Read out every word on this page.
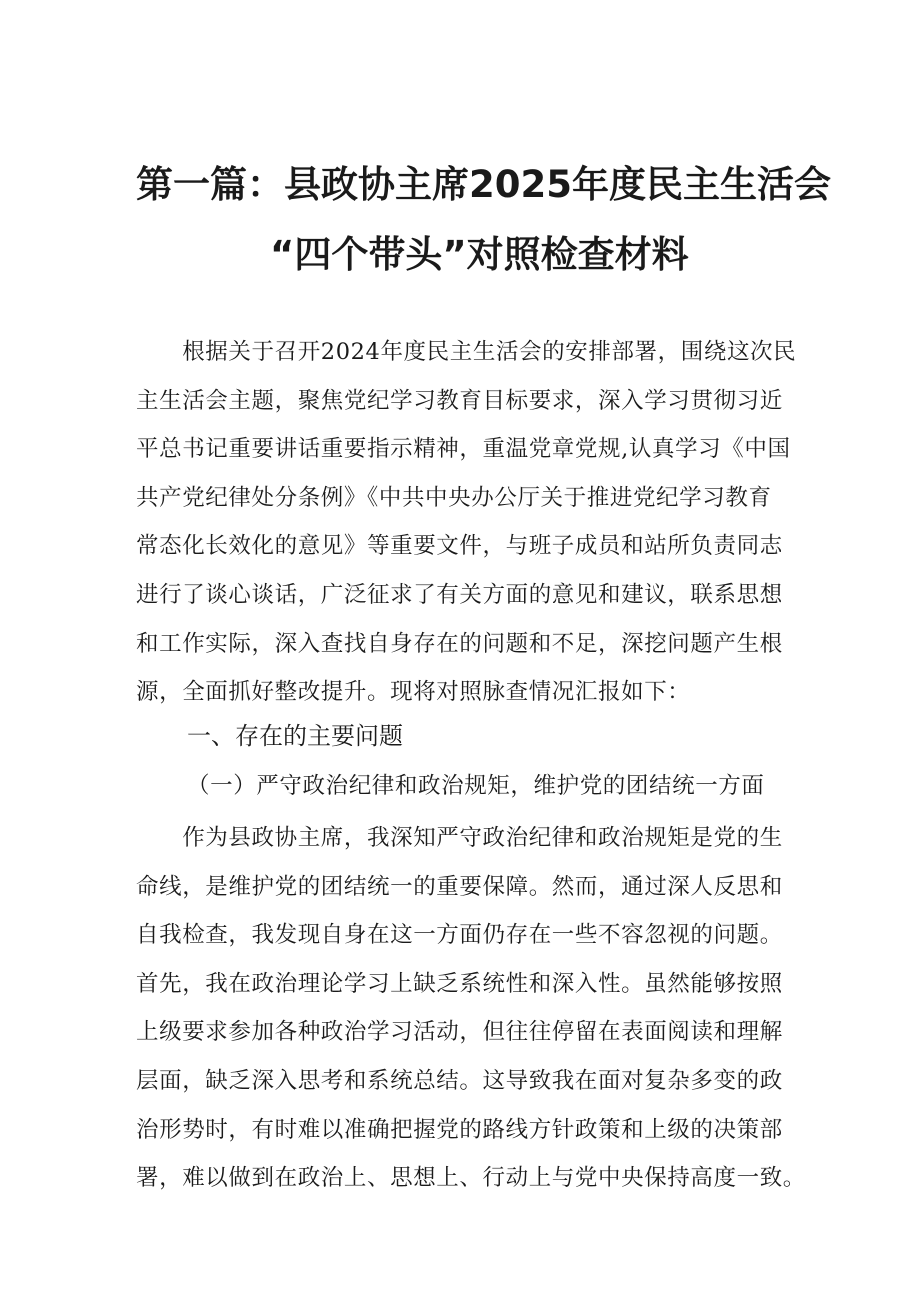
第一篇：县政协主席2025年度民主生活会
“四个带头”对照检查材料
　　根据关于召开2024年度民主生活会的安排部署，围绕这次民
主生活会主题，聚焦党纪学习教育目标要求，深入学习贯彻习近
平总书记重要讲话重要指示精神，重温党章党规,认真学习《中国
共产党纪律处分条例》《中共中央办公厅关于推进党纪学习教育
常态化长效化的意见》等重要文件，与班子成员和站所负责同志
进行了谈心谈话，广泛征求了有关方面的意见和建议，联系思想
和工作实际，深入查找自身存在的问题和不足，深挖问题产生根
源，全面抓好整改提升。现将对照脉查情况汇报如下：
一、存在的主要问题
（一）严守政治纪律和政治规矩，维护党的团结统一方面
　　作为县政协主席，我深知严守政治纪律和政治规矩是党的生
命线，是维护党的团结统一的重要保障。然而，通过深人反思和
自我检查，我发现自身在这一方面仍存在一些不容忽视的问题。
首先，我在政治理论学习上缺乏系统性和深入性。虽然能够按照
上级要求参加各种政治学习活动，但往往停留在表面阅读和理解
层面，缺乏深入思考和系统总结。这导致我在面对复杂多变的政
治形势时，有时难以准确把握党的路线方针政策和上级的决策部
署，难以做到在政治上、思想上、行动上与党中央保持高度一致。
